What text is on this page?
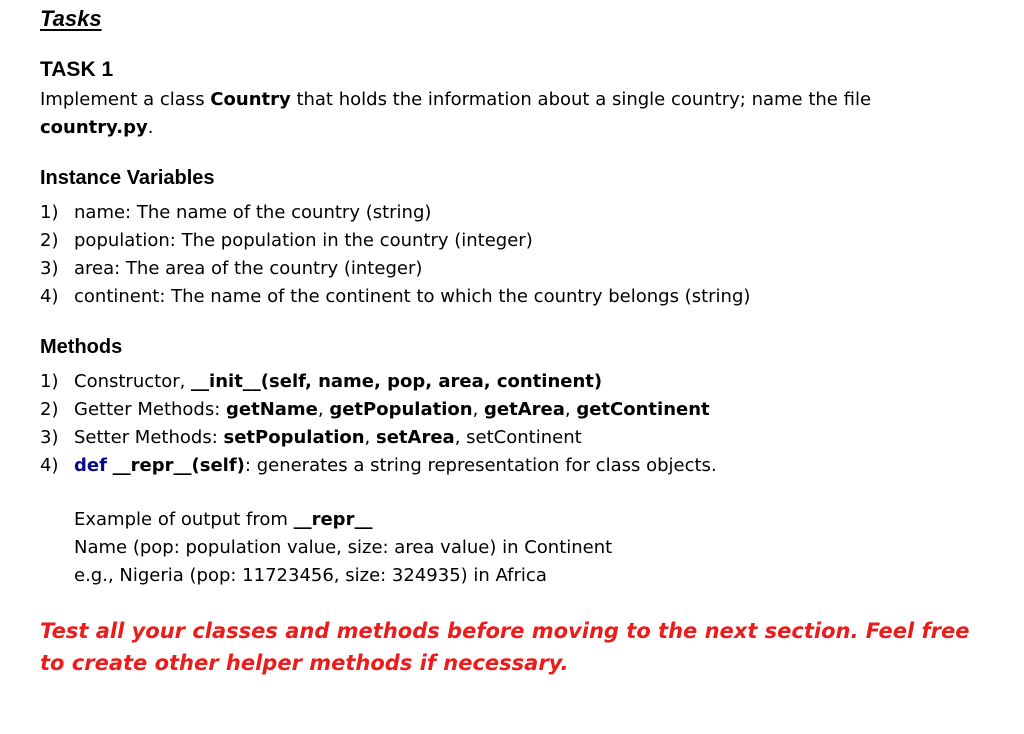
Tasks
TASK 1

Implement a class Country that holds the information about a single country; name the file country.py.

Instance Variables
1) name: The name of the country (string)
2) population: The population in the country (integer)
3) area: The area of the country (integer)
4) continent: The name of the continent to which the country belongs (string)
Methods
1) Constructor, __init__(self, name, pop, area, continent)
2) Getter Methods: getName, getPopulation, getArea, getContinent
3) Setter Methods: setPopulation, setArea, setContinent
4) def __repr__(self): generates a string representation for class objects.
Example of output from __repr__
Name (pop: population value, size: area value) in Continent
e.g., Nigeria (pop: 11723456, size: 324935) in Africa

Test all your classes and methods before moving to the next section. Feel free to create other helper methods if necessary.
